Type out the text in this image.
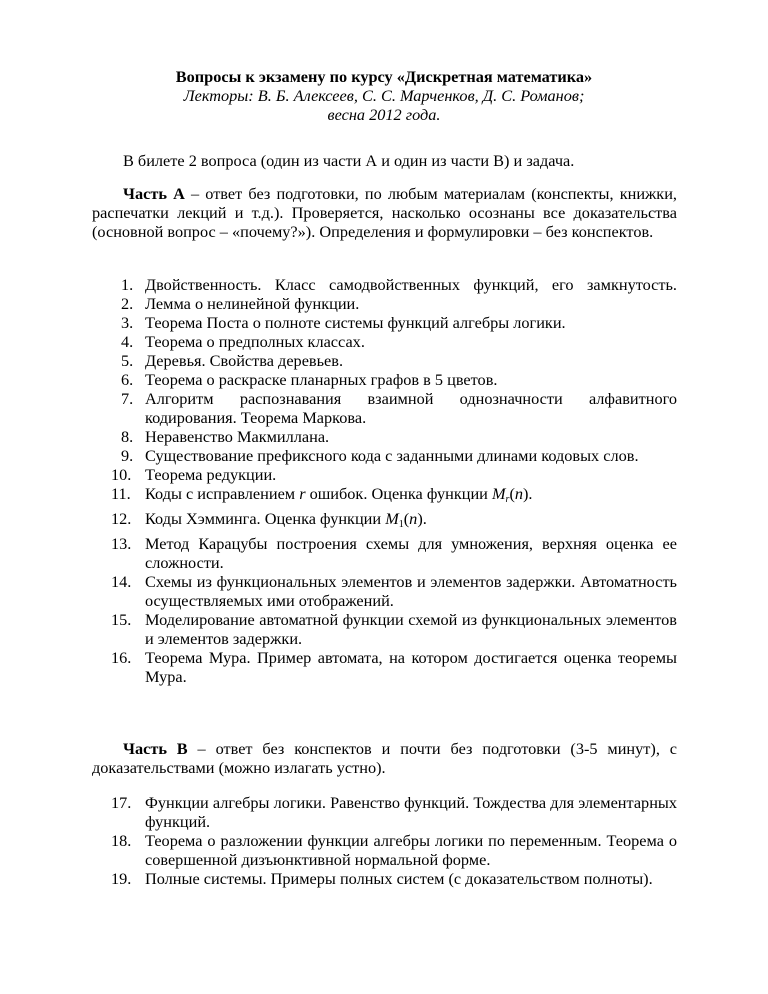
Вопросы к экзамену по курсу «Дискретная математика»
Лекторы: В. Б. Алексеев, С. С. Марченков, Д. С. Романов;
весна 2012 года.

В билете 2 вопроса (один из части А и один из части В) и задача.

Часть А – ответ без подготовки, по любым материалам (конспекты, книжки, распечатки лекций и т.д.). Проверяется, насколько осознаны все доказательства (основной вопрос – «почему?»). Определения и формулировки – без конспектов.

1. Двойственность. Класс самодвойственных функций, его замкнутость.
2. Лемма о нелинейной функции.
3. Теорема Поста о полноте системы функций алгебры логики.
4. Теорема о предполных классах.
5. Деревья. Свойства деревьев.
6. Теорема о раскраске планарных графов в 5 цветов.
7. Алгоритм распознавания взаимной однозначности алфавитного кодирования. Теорема Маркова.
8. Неравенство Макмиллана.
9. Существование префиксного кода с заданными длинами кодовых слов.
10. Теорема редукции.
11. Коды с исправлением r ошибок. Оценка функции Mr(n).
12. Коды Хэмминга. Оценка функции M1(n).
13. Метод Карацубы построения схемы для умножения, верхняя оценка ее сложности.
14. Схемы из функциональных элементов и элементов задержки. Автоматность осуществляемых ими отображений.
15. Моделирование автоматной функции схемой из функциональных элементов и элементов задержки.
16. Теорема Мура. Пример автомата, на котором достигается оценка теоремы Мура.

Часть В – ответ без конспектов и почти без подготовки (3-5 минут), с доказательствами (можно излагать устно).

17. Функции алгебры логики. Равенство функций. Тождества для элементарных функций.
18. Теорема о разложении функции алгебры логики по переменным. Теорема о совершенной дизъюнктивной нормальной форме.
19. Полные системы. Примеры полных систем (с доказательством полноты).
